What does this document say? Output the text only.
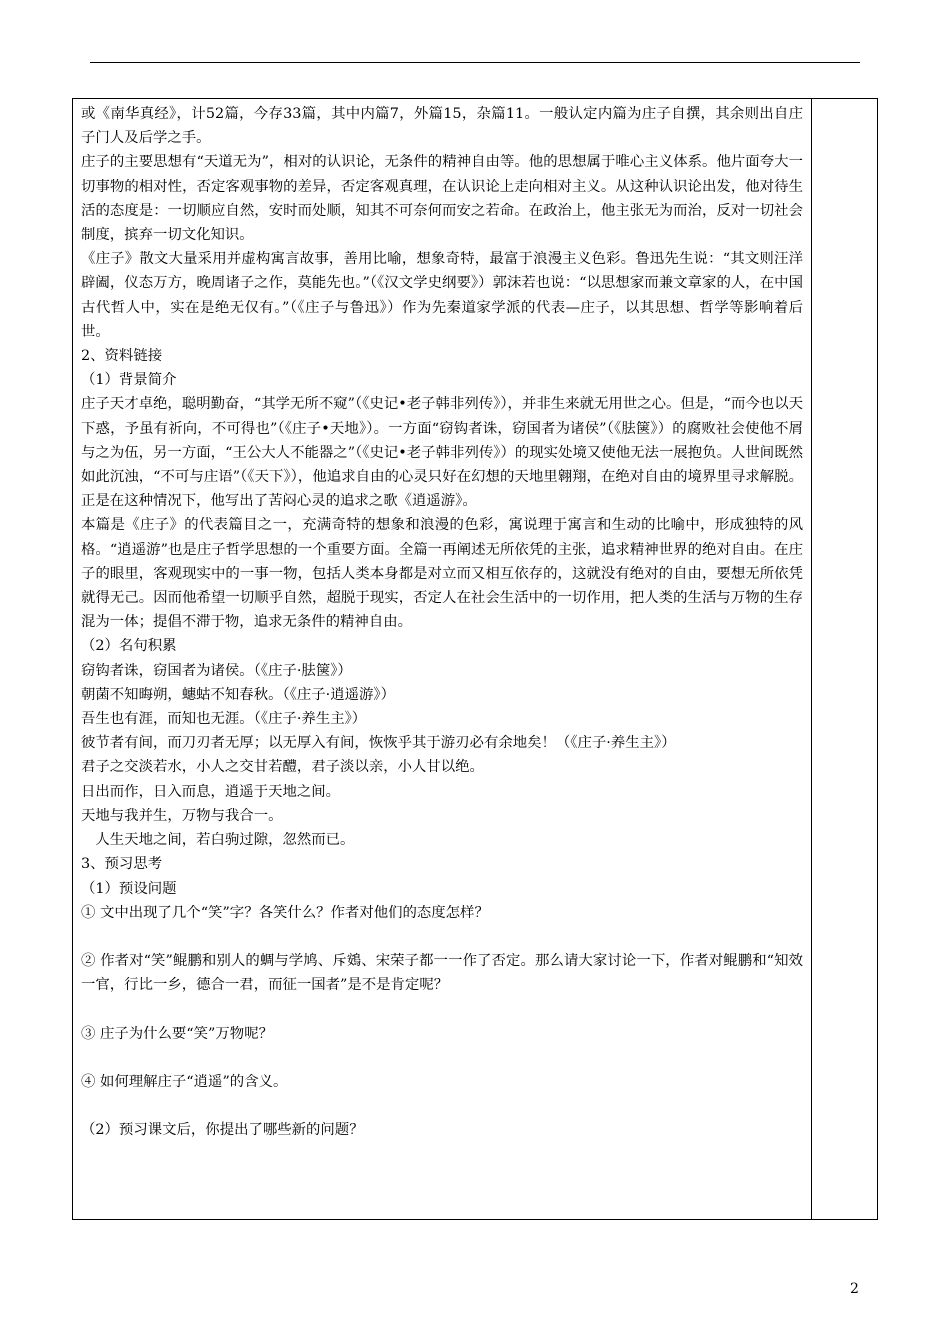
或《南华真经》，计52篇，今存33篇，其中内篇7，外篇15，杂篇11。一般认定内篇为庄子自撰，其余则出自庄子门人及后学之手。

庄子的主要思想有“天道无为”，相对的认识论，无条件的精神自由等。他的思想属于唯心主义体系。他片面夸大一切事物的相对性，否定客观事物的差异，否定客观真理，在认识论上走向相对主义。从这种认识论出发，他对待生活的态度是：一切顺应自然，安时而处顺，知其不可奈何而安之若命。在政治上，他主张无为而治，反对一切社会制度，摈弃一切文化知识。

《庄子》散文大量采用并虚构寓言故事，善用比喻，想象奇特，最富于浪漫主义色彩。鲁迅先生说：“其文则汪洋辟阖，仪态万方，晚周诸子之作，莫能先也。”（《汉文学史纲要》）郭沫若也说：“以思想家而兼文章家的人，在中国古代哲人中，实在是绝无仅有。”（《庄子与鲁迅》）作为先秦道家学派的代表—庄子，以其思想、哲学等影响着后世。

2、资料链接

（1）背景简介

庄子天才卓绝，聪明勤奋，“其学无所不窥”（《史记•老子韩非列传》），并非生来就无用世之心。但是，“而今也以天下惑，予虽有祈向，不可得也”（《庄子•天地》）。一方面“窃钩者诛，窃国者为诸侯”（《胠箧》）的腐败社会使他不屑与之为伍，另一方面，“王公大人不能器之”（《史记•老子韩非列传》）的现实处境又使他无法一展抱负。人世间既然如此沉浊，“不可与庄语”（《天下》），他追求自由的心灵只好在幻想的天地里翱翔，在绝对自由的境界里寻求解脱。正是在这种情况下，他写出了苦闷心灵的追求之歌《逍遥游》。

本篇是《庄子》的代表篇目之一，充满奇特的想象和浪漫的色彩，寓说理于寓言和生动的比喻中，形成独特的风格。“逍遥游”也是庄子哲学思想的一个重要方面。全篇一再阐述无所依凭的主张，追求精神世界的绝对自由。在庄子的眼里，客观现实中的一事一物，包括人类本身都是对立而又相互依存的，这就没有绝对的自由，要想无所依凭就得无己。因而他希望一切顺乎自然，超脱于现实，否定人在社会生活中的一切作用，把人类的生活与万物的生存混为一体；提倡不滞于物，追求无条件的精神自由。

（2）名句积累

窃钩者诛，窃国者为诸侯。（《庄子·胠箧》）

朝菌不知晦朔，蟪蛄不知春秋。（《庄子·逍遥游》）

吾生也有涯，而知也无涯。（《庄子·养生主》）

彼节者有间，而刀刃者无厚；以无厚入有间，恢恢乎其于游刃必有余地矣！（《庄子·养生主》）

君子之交淡若水，小人之交甘若醴，君子淡以亲，小人甘以绝。

日出而作，日入而息，逍遥于天地之间。

天地与我并生，万物与我合一。

人生天地之间，若白驹过隙，忽然而已。

3、预习思考

（1）预设问题

① 文中出现了几个“笑”字？各笑什么？作者对他们的态度怎样？

② 作者对“笑”鲲鹏和别人的蜩与学鸠、斥鴳、宋荣子都一一作了否定。那么请大家讨论一下，作者对鲲鹏和“知效一官，行比一乡，德合一君，而征一国者”是不是肯定呢？

③ 庄子为什么要“笑”万物呢？

④ 如何理解庄子“逍遥”的含义。

（2）预习课文后，你提出了哪些新的问题？

2
